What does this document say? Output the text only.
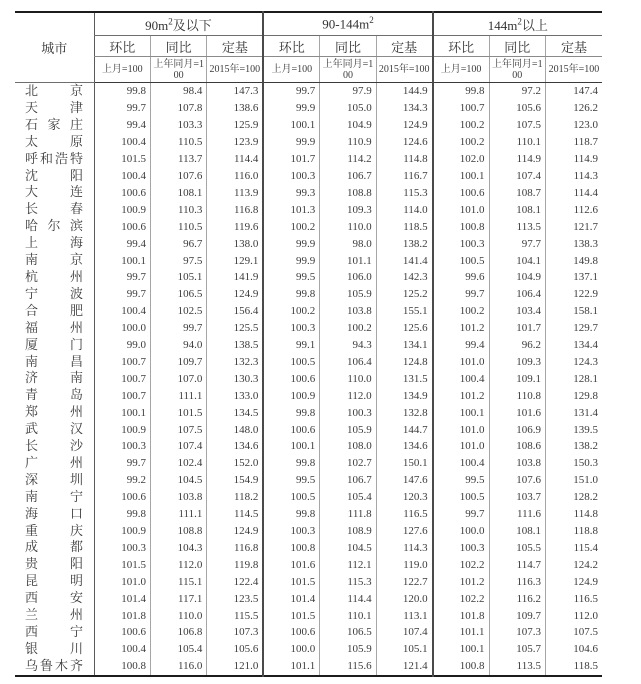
城市	$90m^2$及以下			$90-144m^2$			$144m^2$以上		
	环比	同比	定基	环比	同比	定基	环比	同比	定基
	上月=100	上年同月=100	2015年=100	上月=100	上年同月=100	2015年=100	上月=100	上年同月=100	2015年=100

北 京	99.8	98.4	147.3	99.7	97.9	144.9	99.8	97.2	147.4

天 津	99.7	107.8	138.6	99.9	105.0	134.3	100.7	105.6	126.2

石 家 庄	99.4	103.3	125.9	100.1	104.9	124.9	100.2	107.5	123.0

太 原	100.4	110.5	123.9	99.9	110.9	124.6	100.2	110.1	118.7

呼 和 浩 特	101.5	113.7	114.4	101.7	114.2	114.8	102.0	114.9	114.9

沈 阳	100.4	107.6	116.0	100.3	106.7	116.7	100.1	107.4	114.3

大 连	100.6	108.1	113.9	99.3	108.8	115.3	100.6	108.7	114.4

长 春	100.9	110.3	116.8	101.3	109.3	114.0	101.0	108.1	112.6

哈 尔 滨	100.6	110.5	119.6	100.2	110.0	118.5	100.8	113.5	121.7

上 海	99.4	96.7	138.0	99.9	98.0	138.2	100.3	97.7	138.3

南 京	100.1	97.5	129.1	99.9	101.1	141.4	100.5	104.1	149.8

杭 州	99.7	105.1	141.9	99.5	106.0	142.3	99.6	104.9	137.1

宁 波	99.7	106.5	124.9	99.8	105.9	125.2	99.7	106.4	122.9

合 肥	100.4	102.5	156.4	100.2	103.8	155.1	100.2	103.4	158.1

福 州	100.0	99.7	125.5	100.3	100.2	125.6	101.2	101.7	129.7

厦 门	99.0	94.0	138.5	99.1	94.3	134.1	99.4	96.2	134.4

南 昌	100.7	109.7	132.3	100.5	106.4	124.8	101.0	109.3	124.3

济 南	100.7	107.0	130.3	100.6	110.0	131.5	100.4	109.1	128.1

青 岛	100.7	111.1	133.0	100.9	112.0	134.9	101.2	110.8	129.8

郑 州	100.1	101.5	134.5	99.8	100.3	132.8	100.1	101.6	131.4

武 汉	100.9	107.5	148.0	100.6	105.9	144.7	101.0	106.9	139.5

长 沙	100.3	107.4	134.6	100.1	108.0	134.6	101.0	108.6	138.2

广 州	99.7	102.4	152.0	99.8	102.7	150.1	100.4	103.8	150.3

深 圳	99.2	104.5	154.9	99.5	106.7	147.6	99.5	107.6	151.0

南 宁	100.6	103.8	118.2	100.5	105.4	120.3	100.5	103.7	128.2

海 口	99.8	111.1	114.5	99.8	111.8	116.5	99.7	111.6	114.8

重 庆	100.9	108.8	124.9	100.3	108.9	127.6	100.0	108.1	118.8

成 都	100.3	104.3	116.8	100.8	104.5	114.3	100.3	105.5	115.4

贵 阳	101.5	112.0	119.8	101.6	112.1	119.0	102.2	114.7	124.2

昆 明	101.0	115.1	122.4	101.5	115.3	122.7	101.2	116.3	124.9

西 安	101.4	117.1	123.5	101.4	114.4	120.0	102.2	116.2	116.5

兰 州	101.8	110.0	115.5	101.5	110.1	113.1	101.8	109.7	112.0

西 宁	100.6	106.8	107.3	100.6	106.5	107.4	101.1	107.3	107.5

银 川	100.4	105.4	105.6	100.0	105.9	105.1	100.1	105.7	104.6

乌 鲁 木 齐	100.8	116.0	121.0	101.1	115.6	121.4	100.8	113.5	118.5
